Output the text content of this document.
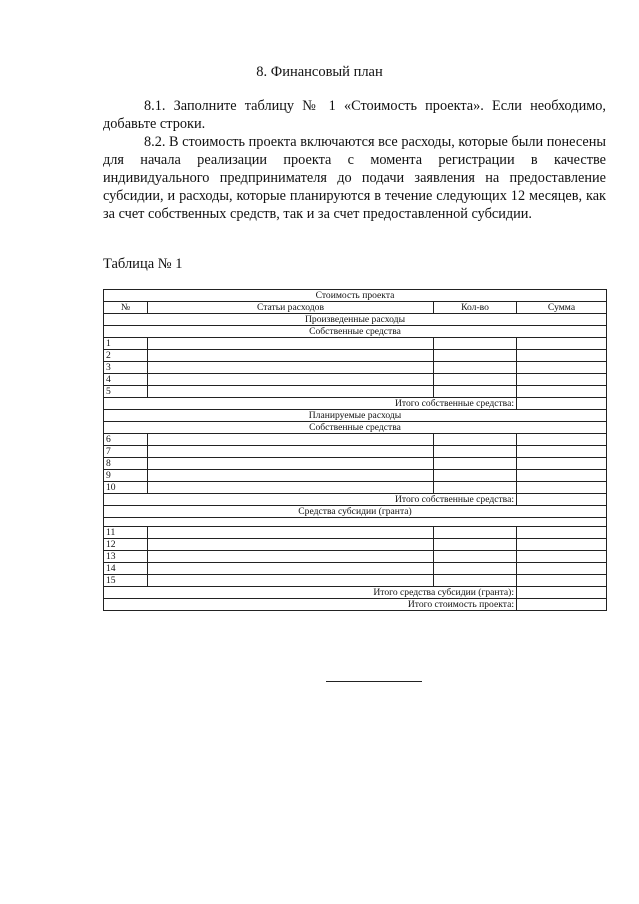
8. Финансовый план
8.1. Заполните таблицу № 1 «Стоимость проекта». Если необходимо, добавьте строки.
8.2. В стоимость проекта включаются все расходы, которые были понесены для начала реализации проекта с момента регистрации в качестве индивидуального предпринимателя до подачи заявления на предоставление субсидии, и расходы, которые планируются в течение следующих 12 месяцев, как за счет собственных средств, так и за счет предоставленной субсидии.
Таблица № 1
Стоимость проекта			
№	Статьи расходов	Кол-во	Сумма
Произведенные расходы			
Собственные средства			
1			
2			
3			
4			
5			
Итого собственные средства:			
Планируемые расходы			
Собственные средства			
6			
7			
8			
9			
10			
Итого собственные средства:			
Средства субсидии (гранта)			

11			
12			
13			
14			
15			
Итого средства субсидии (гранта):			
Итого стоимость проекта:			
